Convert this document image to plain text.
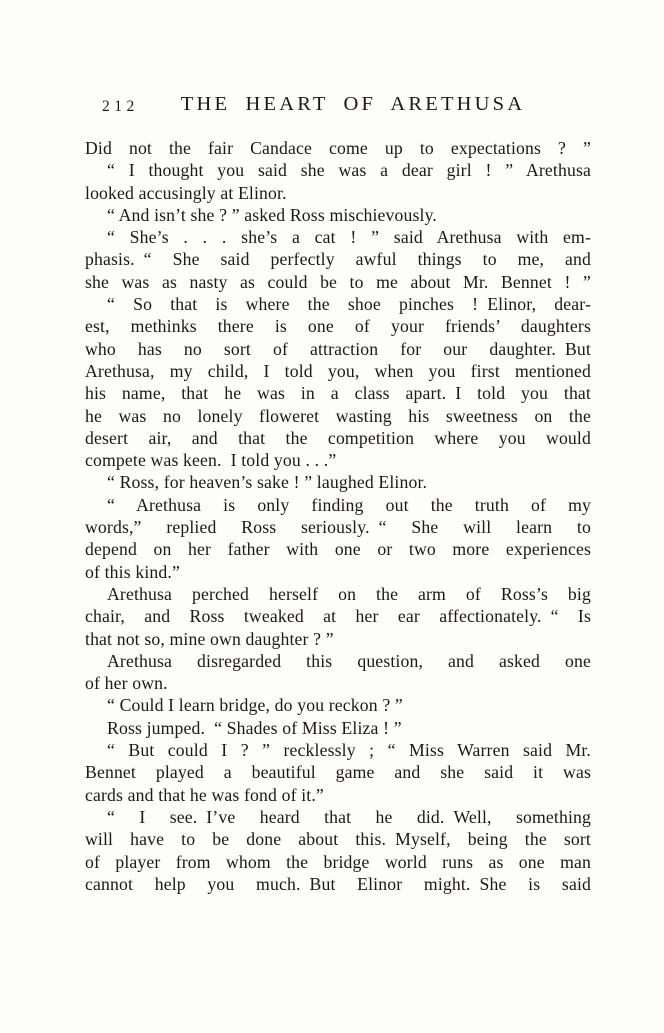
212	THE HEART OF ARETHUSA
Did not the fair Candace come up to expectations ? ”
“ I thought you said she was a dear girl ! ” Arethusa
looked accusingly at Elinor.
“ And isn’t she ? ” asked Ross mischievously.
“ She’s . . . she’s a cat ! ” said Arethusa with em-
phasis. “ She said perfectly awful things to me, and
she was as nasty as could be to me about Mr. Bennet ! ”
“ So that is where the shoe pinches ! Elinor, dear-
est, methinks there is one of your friends’ daughters
who has no sort of attraction for our daughter. But
Arethusa, my child, I told you, when you first mentioned
his name, that he was in a class apart. I told you that
he was no lonely floweret wasting his sweetness on the
desert air, and that the competition where you would
compete was keen. I told you . . .”
“ Ross, for heaven’s sake ! ” laughed Elinor.
“ Arethusa is only finding out the truth of my
words,” replied Ross seriously. “ She will learn to
depend on her father with one or two more experiences
of this kind.”
Arethusa perched herself on the arm of Ross’s big
chair, and Ross tweaked at her ear affectionately. “ Is
that not so, mine own daughter ? ”
Arethusa disregarded this question, and asked one
of her own.
“ Could I learn bridge, do you reckon ? ”
Ross jumped. “ Shades of Miss Eliza ! ”
“ But could I ? ” recklessly ; “ Miss Warren said Mr.
Bennet played a beautiful game and she said it was
cards and that he was fond of it.”
“ I see. I’ve heard that he did. Well, something
will have to be done about this. Myself, being the sort
of player from whom the bridge world runs as one man
cannot help you much. But Elinor might. She is said
